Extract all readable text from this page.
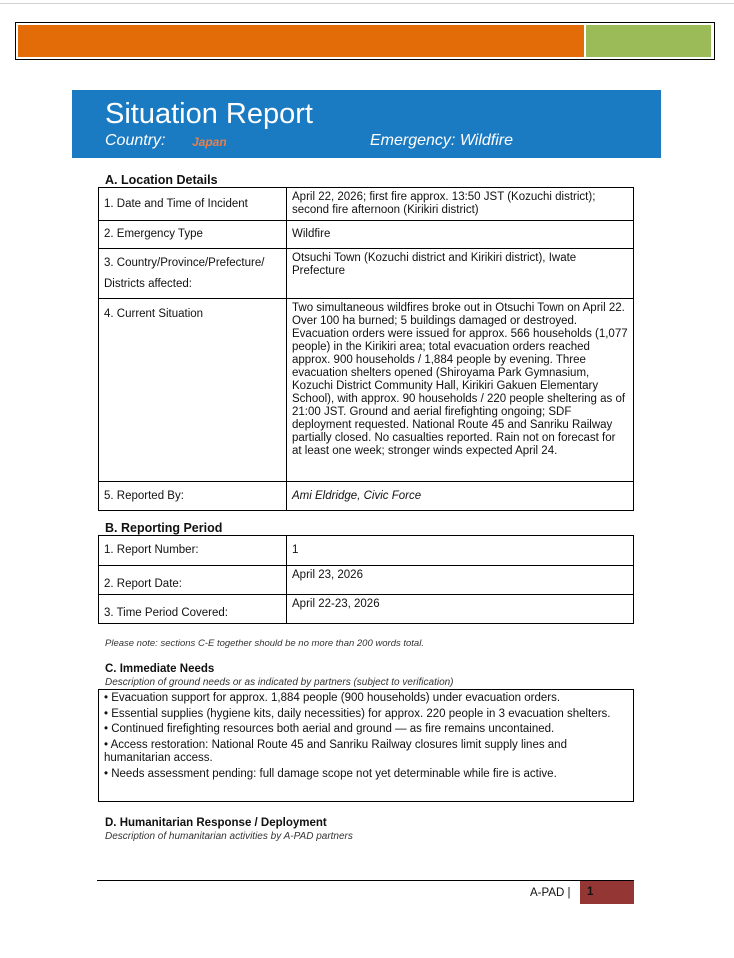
Situation Report
Country: Japan	Emergency: Wildfire
A. Location Details
1. Date and Time of Incident	April 22, 2026; first fire approx. 13:50 JST (Kozuchi district); second fire afternoon (Kirikiri district)
2. Emergency Type	Wildfire
3. Country/Province/Prefecture/ Districts affected:	Otsuchi Town (Kozuchi district and Kirikiri district), Iwate Prefecture
4. Current Situation	Two simultaneous wildfires broke out in Otsuchi Town on April 22. Over 100 ha burned; 5 buildings damaged or destroyed. Evacuation orders were issued for approx. 566 households (1,077 people) in the Kirikiri area; total evacuation orders reached approx. 900 households / 1,884 people by evening. Three evacuation shelters opened (Shiroyama Park Gymnasium, Kozuchi District Community Hall, Kirikiri Gakuen Elementary School), with approx. 90 households / 220 people sheltering as of 21:00 JST. Ground and aerial firefighting ongoing; SDF deployment requested. National Route 45 and Sanriku Railway partially closed. No casualties reported. Rain not on forecast for at least one week; stronger winds expected April 24.
5. Reported By:	Ami Eldridge, Civic Force
B. Reporting Period
1. Report Number:	1
2. Report Date:	April 23, 2026
3. Time Period Covered:	April 22-23, 2026
Please note: sections C-E together should be no more than 200 words total.
C. Immediate Needs
Description of ground needs or as indicated by partners (subject to verification)
• Evacuation support for approx. 1,884 people (900 households) under evacuation orders.
• Essential supplies (hygiene kits, daily necessities) for approx. 220 people in 3 evacuation shelters.
• Continued firefighting resources both aerial and ground — as fire remains uncontained.
• Access restoration: National Route 45 and Sanriku Railway closures limit supply lines and humanitarian access.
• Needs assessment pending: full damage scope not yet determinable while fire is active.
D. Humanitarian Response / Deployment
Description of humanitarian activities by A-PAD partners
A-PAD | 1
